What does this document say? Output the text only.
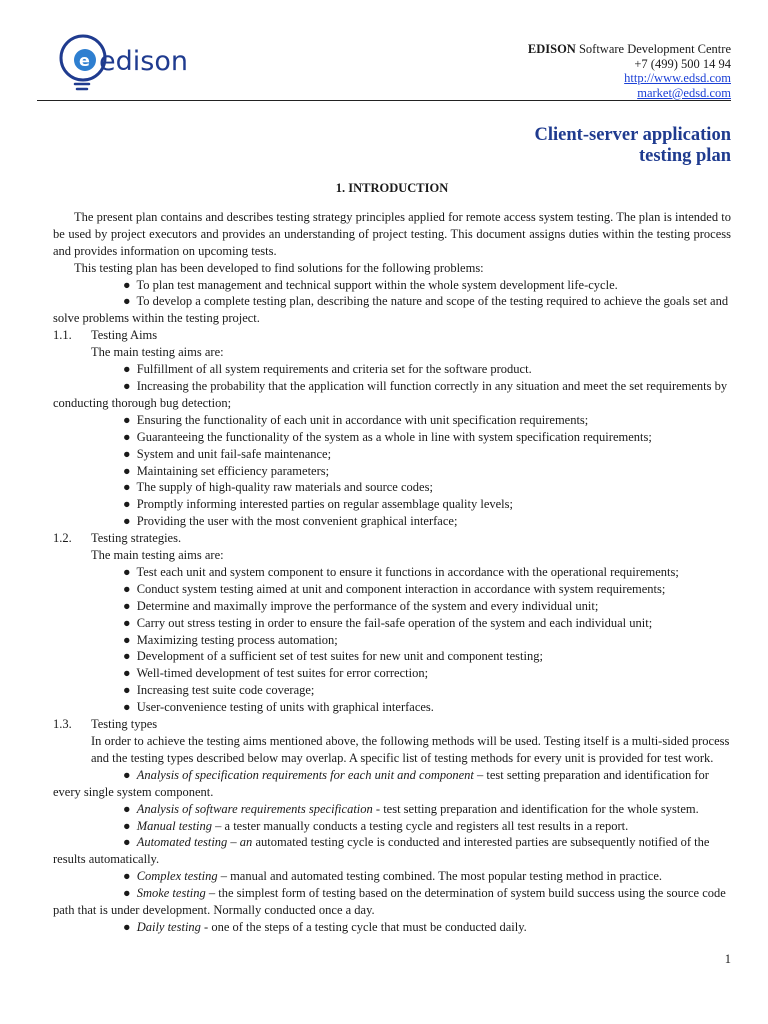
e edison	EDISON Software Development Centre
+7 (499) 500 14 94
http://www.edsd.com
market@edsd.com
Client-server application
testing plan
1. INTRODUCTION

The present plan contains and describes testing strategy principles applied for remote access system testing. The plan is intended to be used by project executors and provides an understanding of project testing. This document assigns duties within the testing process and provides information on upcoming tests.

This testing plan has been developed to find solutions for the following problems:

● To plan test management and technical support within the whole system development life-cycle.

● To develop a complete testing plan, describing the nature and scope of the testing required to achieve the goals set and solve problems within the testing project.

1.1.	Testing Aims

The main testing aims are:

● Fulfillment of all system requirements and criteria set for the software product.

● Increasing the probability that the application will function correctly in any situation and meet the set requirements by conducting thorough bug detection;

● Ensuring the functionality of each unit in accordance with unit specification requirements;

● Guaranteeing the functionality of the system as a whole in line with system specification requirements;

● System and unit fail-safe maintenance;

● Maintaining set efficiency parameters;

● The supply of high-quality raw materials and source codes;

● Promptly informing interested parties on regular assemblage quality levels;

● Providing the user with the most convenient graphical interface;

1.2.	Testing strategies.

The main testing aims are:

● Test each unit and system component to ensure it functions in accordance with the operational requirements;

● Conduct system testing aimed at unit and component interaction in accordance with system requirements;

● Determine and maximally improve the performance of the system and every individual unit;

● Carry out stress testing in order to ensure the fail-safe operation of the system and each individual unit;

● Maximizing testing process automation;

● Development of a sufficient set of test suites for new unit and component testing;

● Well-timed development of test suites for error correction;

● Increasing test suite code coverage;

● User-convenience testing of units with graphical interfaces.

1.3.	Testing types

In order to achieve the testing aims mentioned above, the following methods will be used. Testing itself is a multi-sided process and the testing types described below may overlap. A specific list of testing methods for every unit is provided for test work.

● Analysis of specification requirements for each unit and component – test setting preparation and identification for every single system component.

● Analysis of software requirements specification - test setting preparation and identification for the whole system.

● Manual testing – a tester manually conducts a testing cycle and registers all test results in a report.

● Automated testing – an automated testing cycle is conducted and interested parties are subsequently notified of the results automatically.

● Complex testing – manual and automated testing combined. The most popular testing method in practice.

● Smoke testing – the simplest form of testing based on the determination of system build success using the source code path that is under development. Normally conducted once a day.

● Daily testing - one of the steps of a testing cycle that must be conducted daily.

1
